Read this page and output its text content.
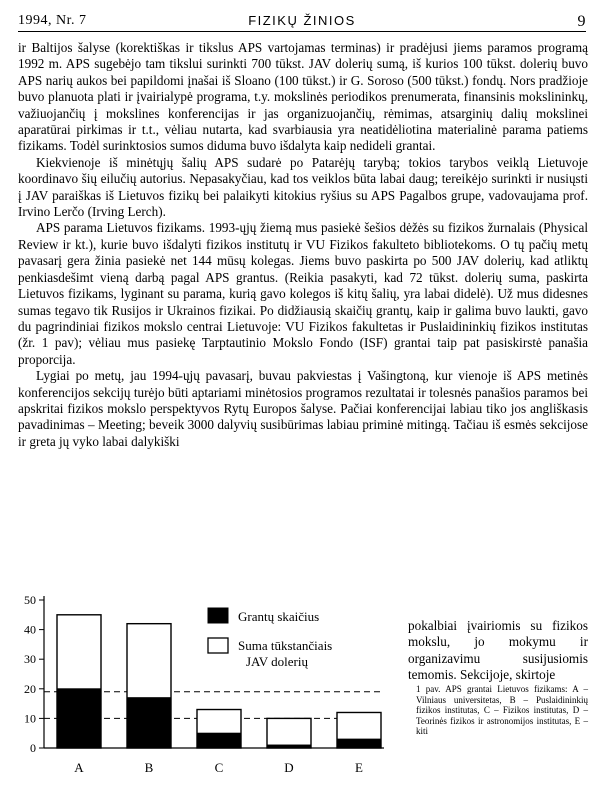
1994, Nr. 7	FIZIKŲ ŽINIOS	9

ir Baltijos šalyse (korektiškas ir tikslus APS vartojamas terminas) ir pradėjusi jiems paramos programą 1992 m. APS sugebėjo tam tikslui surinkti 700 tūkst. JAV dolerių sumą, iš kurios 100 tūkst. dolerių buvo APS narių aukos bei papildomi įnašai iš Sloano (100 tūkst.) ir G. Soroso (500 tūkst.) fondų. Nors pradžioje buvo planuota plati ir įvairialypė programa, t.y. mokslinės periodikos prenumerata, finansinis mokslininkų, važiuojančių į mokslines konferencijas ir jas organizuojančių, rėmimas, atsarginių dalių mokslinei aparatūrai pirkimas ir t.t., vėliau nutarta, kad svarbiausia yra neatidėliotina materialinė parama patiems fizikams. Todėl surinktosios sumos diduma buvo išdalyta kaip nedideli grantai.

Kiekvienoje iš minėtųjų šalių APS sudarė po Patarėjų tarybą; tokios tarybos veiklą Lietuvoje koordinavo šių eilučių autorius. Nepasakyčiau, kad tos veiklos būta labai daug; tereikėjo surinkti ir nusiųsti į JAV paraiškas iš Lietuvos fizikų bei palaikyti kitokius ryšius su APS Pagalbos grupe, vadovaujama prof. Irvino Lerčo (Irving Lerch).

APS parama Lietuvos fizikams. 1993-ųjų žiemą mus pasiekė šešios dėžės su fizikos žurnalais (Physical Review ir kt.), kurie buvo išdalyti fizikos institutų ir VU Fizikos fakulteto bibliotekoms. O tų pačių metų pavasarį gera žinia pasiekė net 144 mūsų kolegas. Jiems buvo paskirta po 500 JAV dolerių, kad atliktų penkiasdešimt vieną darbą pagal APS grantus. (Reikia pasakyti, kad 72 tūkst. dolerių suma, paskirta Lietuvos fizikams, lyginant su parama, kurią gavo kolegos iš kitų šalių, yra labai didelė). Už mus didesnes sumas tegavo tik Rusijos ir Ukrainos fizikai. Po didžiausią skaičių grantų, kaip ir galima buvo laukti, gavo du pagrindiniai fizikos mokslo centrai Lietuvoje: VU Fizikos fakultetas ir Puslaidininkių fizikos institutas (žr. 1 pav); vėliau mus pasiekę Tarptautinio Mokslo Fondo (ISF) grantai taip pat pasiskirstė panašia proporcija.

Lygiai po metų, jau 1994-ųjų pavasarį, buvau pakviestas į Vašingtoną, kur vienoje iš APS metinės konferencijos sekcijų turėjo būti aptariami minėtosios programos rezultatai ir tolesnės panašios paramos bei apskritai fizikos mokslo perspektyvos Rytų Europos šalyse. Pačiai konferencijai labiau tiko jos angliškasis pavadinimas – Meeting; beveik 3000 dalyvių susibūrimas labiau priminė mitingą. Tačiau iš esmės sekcijose ir greta jų vyko labai dalykiški

0
10
20
30
40
50
A	B	C	D	E
Grantų skaičius
Suma tūkstančiais
JAV dolerių

pokalbiai įvairiomis su fizikos mokslu, jo mokymu ir organizavimu susijusiomis temomis. Sekcijoje, skirtoje

1 pav. APS grantai Lietuvos fizikams: A – Vilniaus universitetas, B – Puslaidininkių fizikos institutas, C – Fizikos institutas, D – Teorinės fizikos ir astronomijos institutas, E – kiti
